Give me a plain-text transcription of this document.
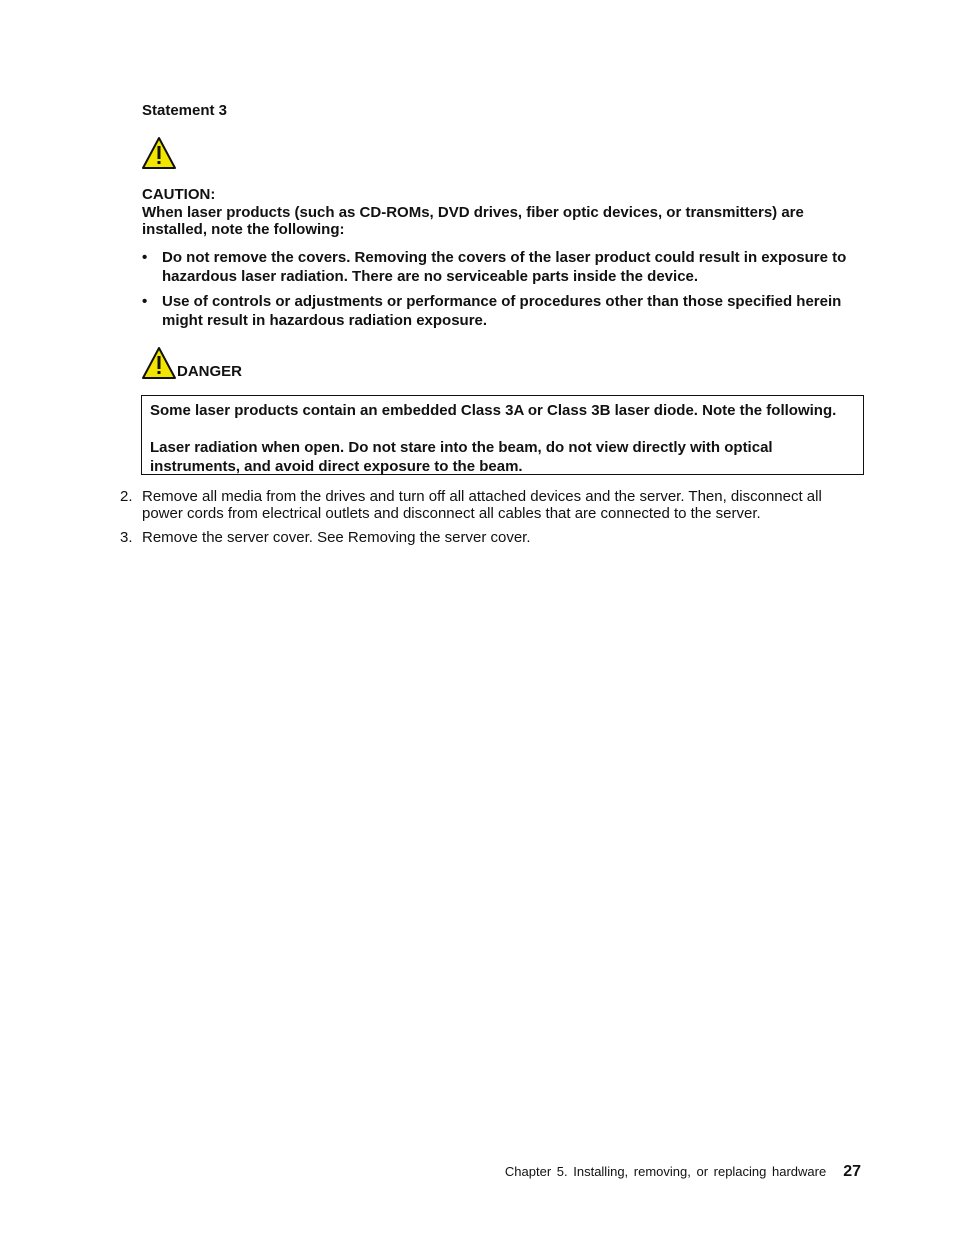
Statement 3
CAUTION:
When laser products (such as CD-ROMs, DVD drives, fiber optic devices, or transmitters) are installed, note the following:
• Do not remove the covers. Removing the covers of the laser product could result in exposure to hazardous laser radiation. There are no serviceable parts inside the device.
• Use of controls or adjustments or performance of procedures other than those specified herein might result in hazardous radiation exposure.
DANGER

Some laser products contain an embedded Class 3A or Class 3B laser diode. Note the following.

Laser radiation when open. Do not stare into the beam, do not view directly with optical instruments, and avoid direct exposure to the beam.

2. Remove all media from the drives and turn off all attached devices and the server. Then, disconnect all power cords from electrical outlets and disconnect all cables that are connected to the server.
3. Remove the server cover. See Removing the server cover.
Chapter 5. Installing, removing, or replacing hardware 27
